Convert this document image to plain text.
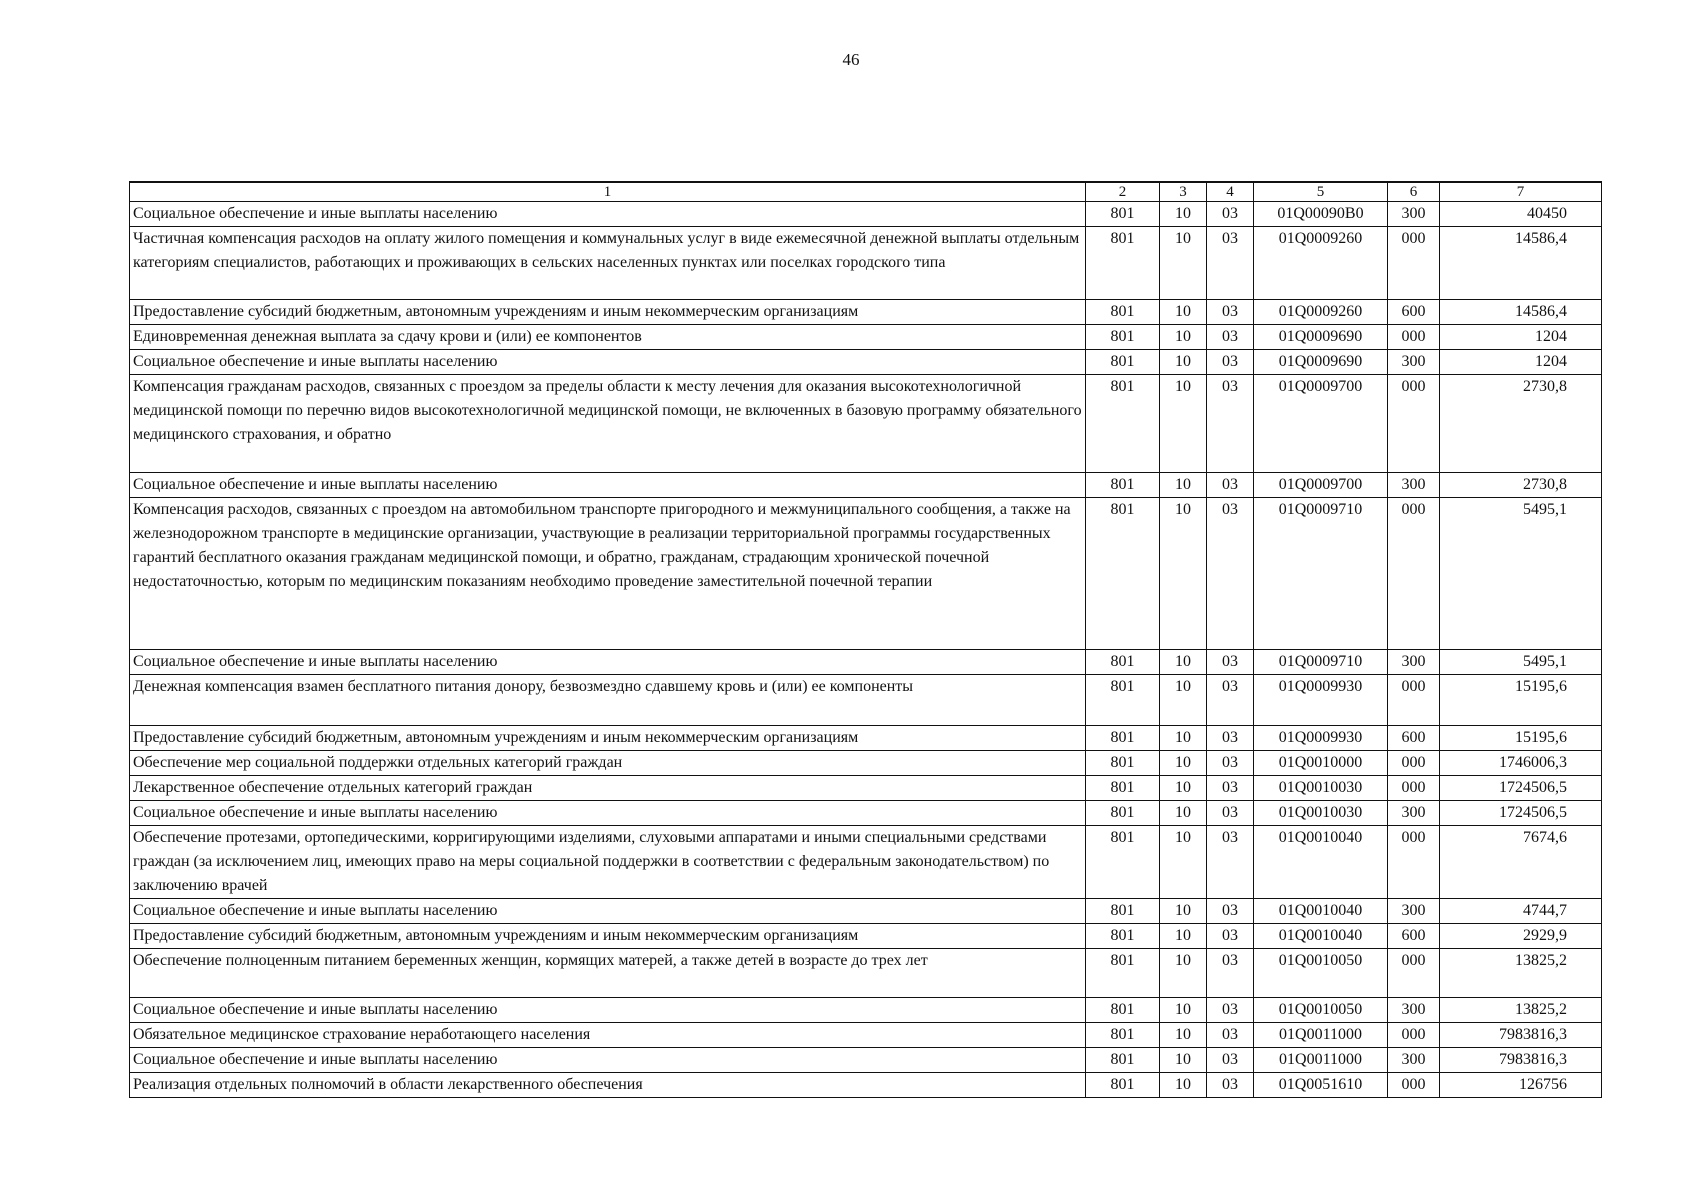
46
1	2	3	4	5	6	7
Социальное обеспечение и иные выплаты населению	801	10	03	01Q00090B0	300	40450
Частичная компенсация расходов на оплату жилого помещения и коммунальных услуг в виде ежемесячной денежной выплаты отдельным категориям специалистов, работающих и проживающих в сельских населенных пунктах или поселках городского типа	801	10	03	01Q0009260	000	14586,4
Предоставление субсидий бюджетным, автономным учреждениям и иным некоммерческим организациям	801	10	03	01Q0009260	600	14586,4
Единовременная денежная выплата за сдачу крови и (или) ее компонентов	801	10	03	01Q0009690	000	1204
Социальное обеспечение и иные выплаты населению	801	10	03	01Q0009690	300	1204
Компенсация гражданам расходов, связанных с проездом за пределы области к месту лечения для оказания высокотехнологичной медицинской помощи по перечню видов высокотехнологичной медицинской помощи, не включенных в базовую программу обязательного медицинского страхования, и обратно	801	10	03	01Q0009700	000	2730,8
Социальное обеспечение и иные выплаты населению	801	10	03	01Q0009700	300	2730,8
Компенсация расходов, связанных с проездом на автомобильном транспорте пригородного и межмуниципального сообщения, а также на железнодорожном транспорте в медицинские организации, участвующие в реализации территориальной программы государственных гарантий бесплатного оказания гражданам медицинской помощи, и обратно, гражданам, страдающим хронической почечной недостаточностью, которым по медицинским показаниям необходимо проведение заместительной почечной терапии	801	10	03	01Q0009710	000	5495,1
Социальное обеспечение и иные выплаты населению	801	10	03	01Q0009710	300	5495,1
Денежная компенсация взамен бесплатного питания донору, безвозмездно сдавшему кровь и (или) ее компоненты	801	10	03	01Q0009930	000	15195,6
Предоставление субсидий бюджетным, автономным учреждениям и иным некоммерческим организациям	801	10	03	01Q0009930	600	15195,6
Обеспечение мер социальной поддержки отдельных категорий граждан	801	10	03	01Q0010000	000	1746006,3
Лекарственное обеспечение отдельных категорий граждан	801	10	03	01Q0010030	000	1724506,5
Социальное обеспечение и иные выплаты населению	801	10	03	01Q0010030	300	1724506,5
Обеспечение протезами, ортопедическими, корригирующими изделиями, слуховыми аппаратами и иными специальными средствами граждан (за исключением лиц, имеющих право на меры социальной поддержки в соответствии с федеральным законодательством) по заключению врачей	801	10	03	01Q0010040	000	7674,6
Социальное обеспечение и иные выплаты населению	801	10	03	01Q0010040	300	4744,7
Предоставление субсидий бюджетным, автономным учреждениям и иным некоммерческим организациям	801	10	03	01Q0010040	600	2929,9
Обеспечение полноценным питанием беременных женщин, кормящих матерей, а также детей в возрасте до трех лет	801	10	03	01Q0010050	000	13825,2
Социальное обеспечение и иные выплаты населению	801	10	03	01Q0010050	300	13825,2
Обязательное медицинское страхование неработающего населения	801	10	03	01Q0011000	000	7983816,3
Социальное обеспечение и иные выплаты населению	801	10	03	01Q0011000	300	7983816,3
Реализация отдельных полномочий в области лекарственного обеспечения	801	10	03	01Q0051610	000	126756
